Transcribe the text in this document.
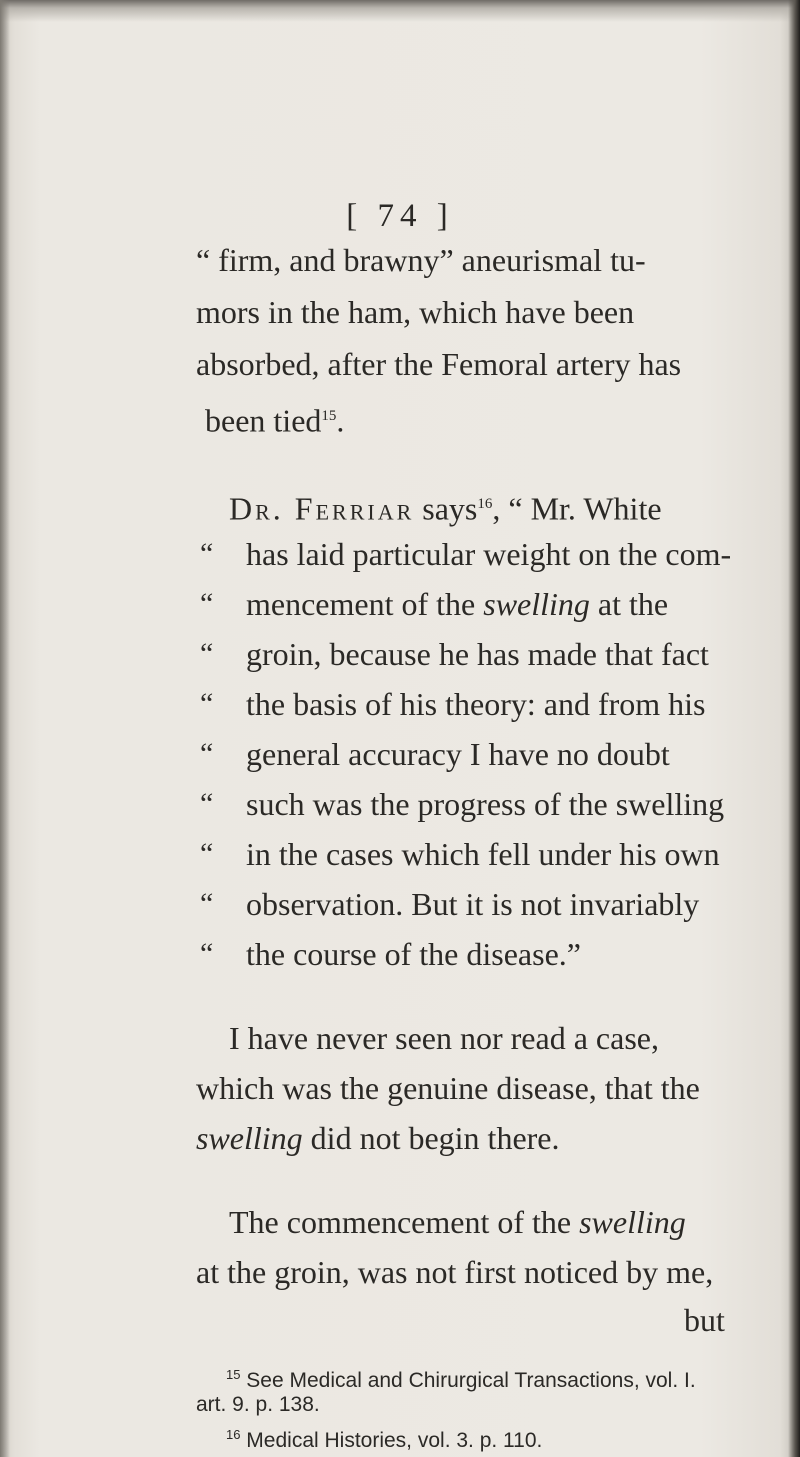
[ 74 ]
“ firm, and brawny” aneurismal tu-
mors in the ham, which have been
absorbed, after the Femoral artery has
been tied$^{15}$.
Dr. Ferriar says$^{16}$, “ Mr. White
“ has laid particular weight on the com-
“ mencement of the swelling at the
“ groin, because he has made that fact
“ the basis of his theory: and from his
“ general accuracy I have no doubt
“ such was the progress of the swelling
“ in the cases which fell under his own
“ observation. But it is not invariably
“ the course of the disease.”
I have never seen nor read a case,
which was the genuine disease, that the
swelling did not begin there.
The commencement of the swelling
at the groin, was not first noticed by me,
but
$^{15}$ See Medical and Chirurgical Transactions, vol. I.
art. 9. p. 138.
$^{16}$ Medical Histories, vol. 3. p. 110.
